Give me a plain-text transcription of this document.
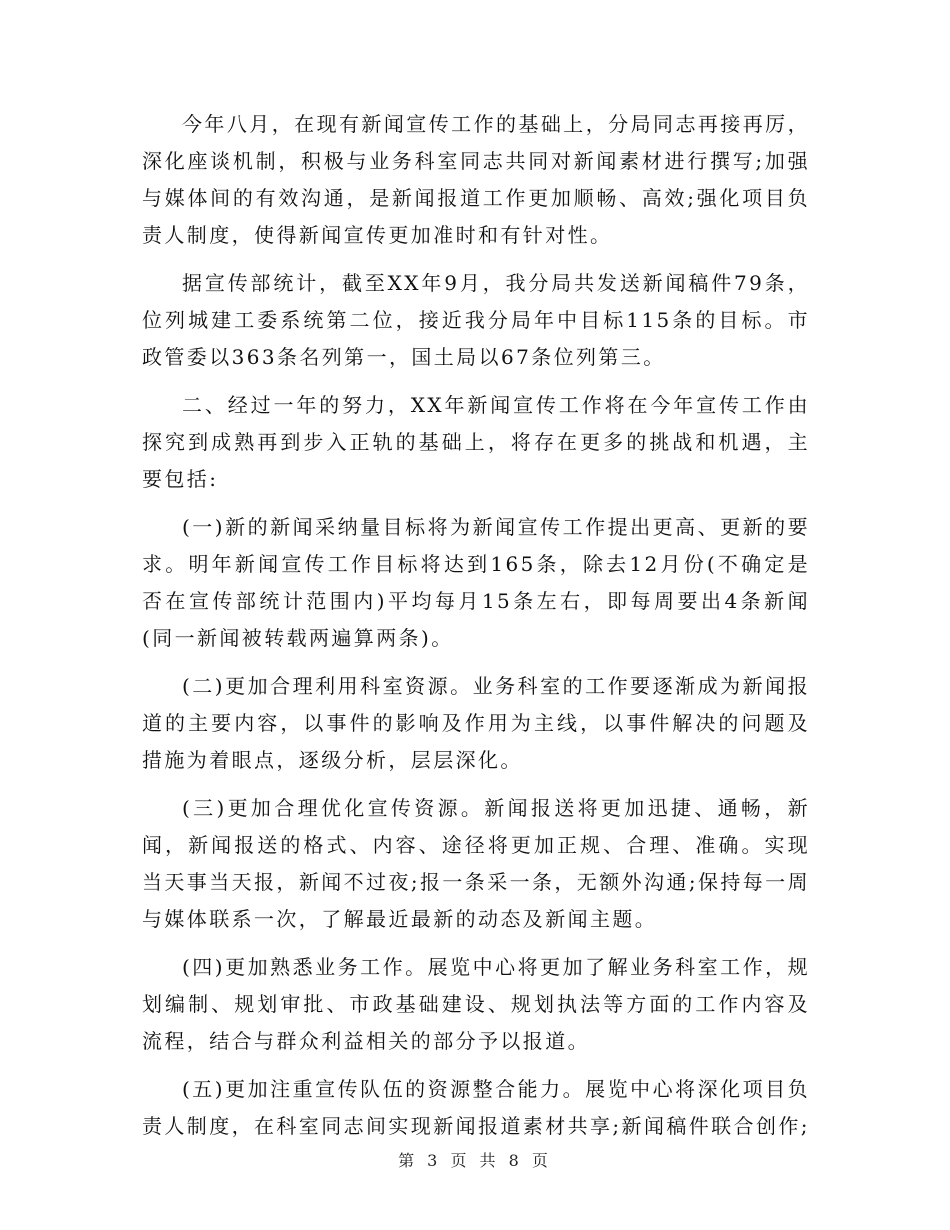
今年八月，在现有新闻宣传工作的基础上，分局同志再接再厉，深化座谈机制，积极与业务科室同志共同对新闻素材进行撰写;加强与媒体间的有效沟通，是新闻报道工作更加顺畅、高效;强化项目负责人制度，使得新闻宣传更加准时和有针对性。

据宣传部统计，截至XX年9月，我分局共发送新闻稿件79条，位列城建工委系统第二位，接近我分局年中目标115条的目标。市政管委以363条名列第一，国土局以67条位列第三。

二、经过一年的努力，XX年新闻宣传工作将在今年宣传工作由探究到成熟再到步入正轨的基础上，将存在更多的挑战和机遇，主要包括:

(一)新的新闻采纳量目标将为新闻宣传工作提出更高、更新的要求。明年新闻宣传工作目标将达到165条，除去12月份(不确定是否在宣传部统计范围内)平均每月15条左右，即每周要出4条新闻(同一新闻被转载两遍算两条)。

(二)更加合理利用科室资源。业务科室的工作要逐渐成为新闻报道的主要内容，以事件的影响及作用为主线，以事件解决的问题及措施为着眼点，逐级分析，层层深化。

(三)更加合理优化宣传资源。新闻报送将更加迅捷、通畅，新闻，新闻报送的格式、内容、途径将更加正规、合理、准确。实现当天事当天报，新闻不过夜;报一条采一条，无额外沟通;保持每一周与媒体联系一次，了解最近最新的动态及新闻主题。

(四)更加熟悉业务工作。展览中心将更加了解业务科室工作，规划编制、规划审批、市政基础建设、规划执法等方面的工作内容及流程，结合与群众利益相关的部分予以报道。

(五)更加注重宣传队伍的资源整合能力。展览中心将深化项目负责人制度，在科室同志间实现新闻报道素材共享;新闻稿件联合创作;

第 3 页 共 8 页
